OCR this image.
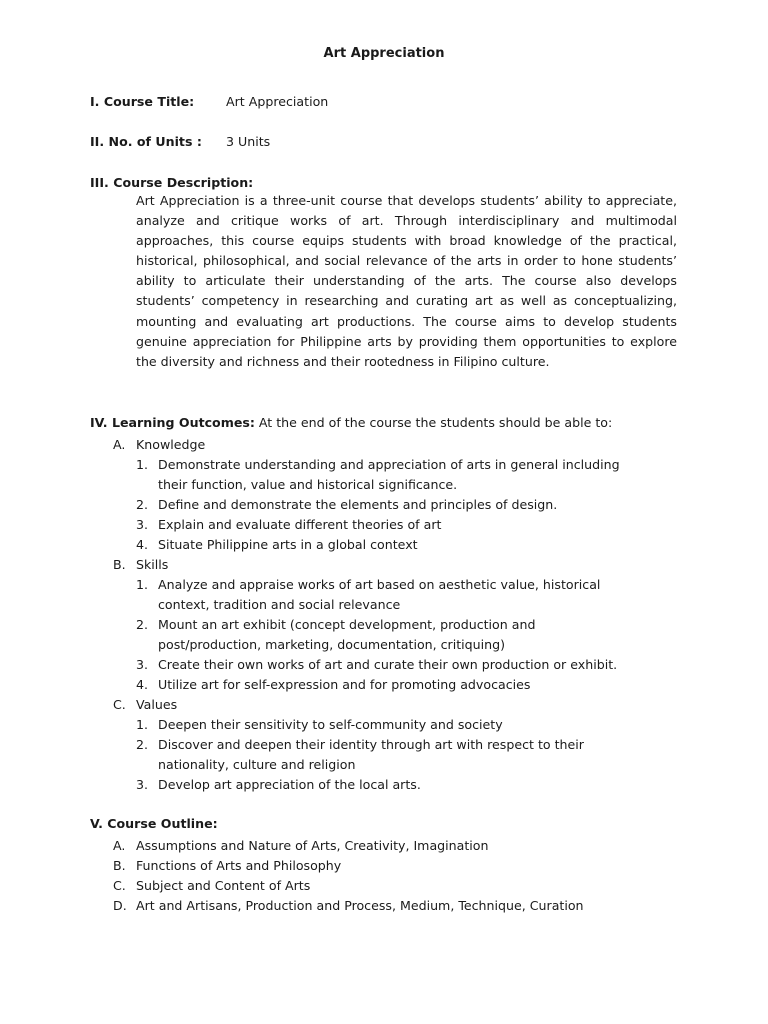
Art Appreciation
I. Course Title:	Art Appreciation
II. No. of Units : 3 Units
III. Course Description:

Art Appreciation is a three-unit course that develops students’ ability to appreciate, analyze and critique works of art. Through interdisciplinary and multimodal approaches, this course equips students with broad knowledge of the practical, historical, philosophical, and social relevance of the arts in order to hone students’ ability to articulate their understanding of the arts. The course also develops students’ competency in researching and curating art as well as conceptualizing, mounting and evaluating art productions. The course aims to develop students genuine appreciation for Philippine arts by providing them opportunities to explore the diversity and richness and their rootedness in Filipino culture.

IV. Learning Outcomes: At the end of the course the students should be able to:
A. Knowledge
1. Demonstrate understanding and appreciation of arts in general including
their function, value and historical significance.
2. Define and demonstrate the elements and principles of design.
3. Explain and evaluate different theories of art
4. Situate Philippine arts in a global context
B. Skills
1. Analyze and appraise works of art based on aesthetic value, historical
context, tradition and social relevance
2. Mount an art exhibit (concept development, production and
post/production, marketing, documentation, critiquing)
3. Create their own works of art and curate their own production or exhibit.
4. Utilize art for self-expression and for promoting advocacies
C. Values
1. Deepen their sensitivity to self-community and society
2. Discover and deepen their identity through art with respect to their
nationality, culture and religion
3. Develop art appreciation of the local arts.
V. Course Outline:
A. Assumptions and Nature of Arts, Creativity, Imagination
B. Functions of Arts and Philosophy
C. Subject and Content of Arts
D. Art and Artisans, Production and Process, Medium, Technique, Curation
